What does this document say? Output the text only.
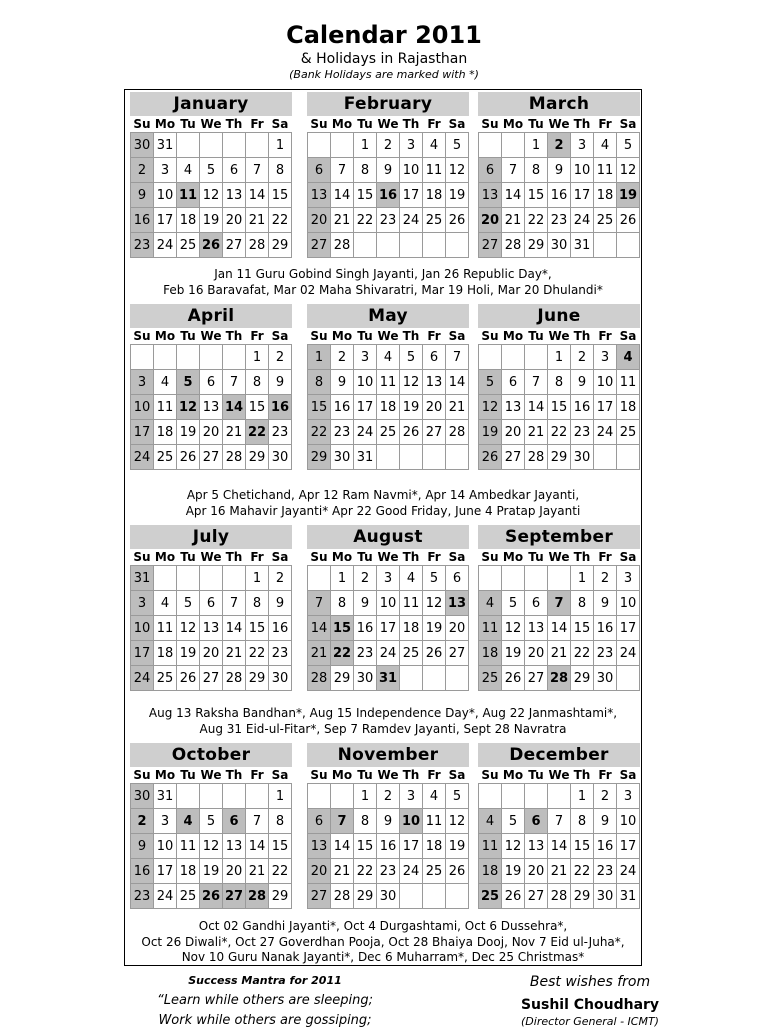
Calendar 2011
& Holidays in Rajasthan
(Bank Holidays are marked with *)
January
Su	Mo	Tu	We	Th	Fr	Sa
30	31					1
2	3	4	5	6	7	8
9	10	11	12	13	14	15
16	17	18	19	20	21	22
23	24	25	26	27	28	29
February
Su	Mo	Tu	We	Th	Fr	Sa
		1	2	3	4	5
6	7	8	9	10	11	12
13	14	15	16	17	18	19
20	21	22	23	24	25	26
27	28					
March
Su	Mo	Tu	We	Th	Fr	Sa
		1	2	3	4	5
6	7	8	9	10	11	12
13	14	15	16	17	18	19
20	21	22	23	24	25	26
27	28	29	30	31		
April
Su	Mo	Tu	We	Th	Fr	Sa
					1	2
3	4	5	6	7	8	9
10	11	12	13	14	15	16
17	18	19	20	21	22	23
24	25	26	27	28	29	30
May
Su	Mo	Tu	We	Th	Fr	Sa
1	2	3	4	5	6	7
8	9	10	11	12	13	14
15	16	17	18	19	20	21
22	23	24	25	26	27	28
29	30	31				
June
Su	Mo	Tu	We	Th	Fr	Sa
			1	2	3	4
5	6	7	8	9	10	11
12	13	14	15	16	17	18
19	20	21	22	23	24	25
26	27	28	29	30		
July
Su	Mo	Tu	We	Th	Fr	Sa
31					1	2
3	4	5	6	7	8	9
10	11	12	13	14	15	16
17	18	19	20	21	22	23
24	25	26	27	28	29	30
August
Su	Mo	Tu	We	Th	Fr	Sa
	1	2	3	4	5	6
7	8	9	10	11	12	13
14	15	16	17	18	19	20
21	22	23	24	25	26	27
28	29	30	31			
September
Su	Mo	Tu	We	Th	Fr	Sa
				1	2	3
4	5	6	7	8	9	10
11	12	13	14	15	16	17
18	19	20	21	22	23	24
25	26	27	28	29	30	
October
Su	Mo	Tu	We	Th	Fr	Sa
30	31					1
2	3	4	5	6	7	8
9	10	11	12	13	14	15
16	17	18	19	20	21	22
23	24	25	26	27	28	29
November
Su	Mo	Tu	We	Th	Fr	Sa
		1	2	3	4	5
6	7	8	9	10	11	12
13	14	15	16	17	18	19
20	21	22	23	24	25	26
27	28	29	30			
December
Su	Mo	Tu	We	Th	Fr	Sa
				1	2	3
4	5	6	7	8	9	10
11	12	13	14	15	16	17
18	19	20	21	22	23	24
25	26	27	28	29	30	31
Jan 11 Guru Gobind Singh Jayanti, Jan 26 Republic Day*,
Feb 16 Baravafat, Mar 02 Maha Shivaratri, Mar 19 Holi, Mar 20 Dhulandi*
Apr 5 Chetichand, Apr 12 Ram Navmi*, Apr 14 Ambedkar Jayanti,
Apr 16 Mahavir Jayanti* Apr 22 Good Friday, June 4 Pratap Jayanti
Aug 13 Raksha Bandhan*, Aug 15 Independence Day*, Aug 22 Janmashtami*,
Aug 31 Eid-ul-Fitar*, Sep 7 Ramdev Jayanti, Sept 28 Navratra
Oct 02 Gandhi Jayanti*, Oct 4 Durgashtami, Oct 6 Dussehra*,
Oct 26 Diwali*, Oct 27 Goverdhan Pooja, Oct 28 Bhaiya Dooj, Nov 7 Eid ul-Juha*,
Nov 10 Guru Nanak Jayanti*, Dec 6 Muharram*, Dec 25 Christmas*
Success Mantra for 2011
“Learn while others are sleeping;
Work while others are gossiping;
Best wishes from
Sushil Choudhary
(Director General - ICMT)
